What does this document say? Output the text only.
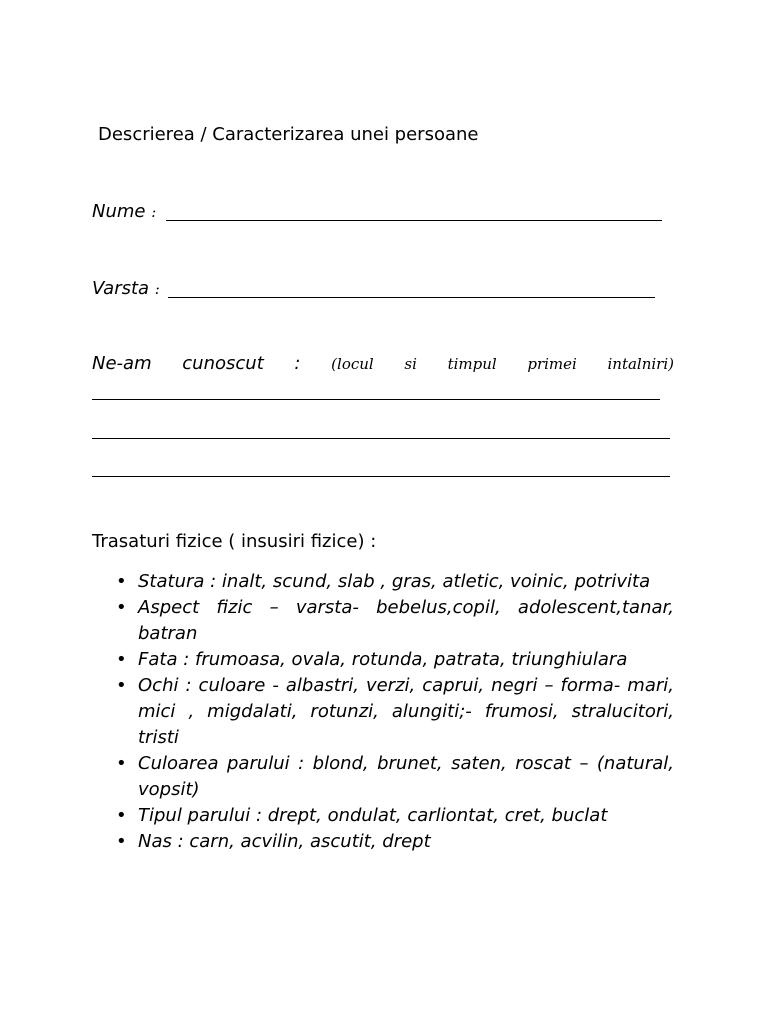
Descrierea / Caracterizarea unei persoane
Nume :
Varsta :
Ne-am cunoscut : (locul si timpul primei intalniri)
Trasaturi fizice ( insusiri fizice) :
• Statura : inalt, scund, slab , gras, atletic, voinic, potrivita
• Aspect fizic – varsta- bebelus,copil, adolescent,tanar, batran
• Fata : frumoasa, ovala, rotunda, patrata, triunghiulara
• Ochi : culoare - albastri, verzi, caprui, negri – forma- mari, mici , migdalati, rotunzi, alungiti;- frumosi, stralucitori, tristi
• Culoarea parului : blond, brunet, saten, roscat – (natural, vopsit)
• Tipul parului : drept, ondulat, carliontat, cret, buclat
• Nas : carn, acvilin, ascutit, drept
